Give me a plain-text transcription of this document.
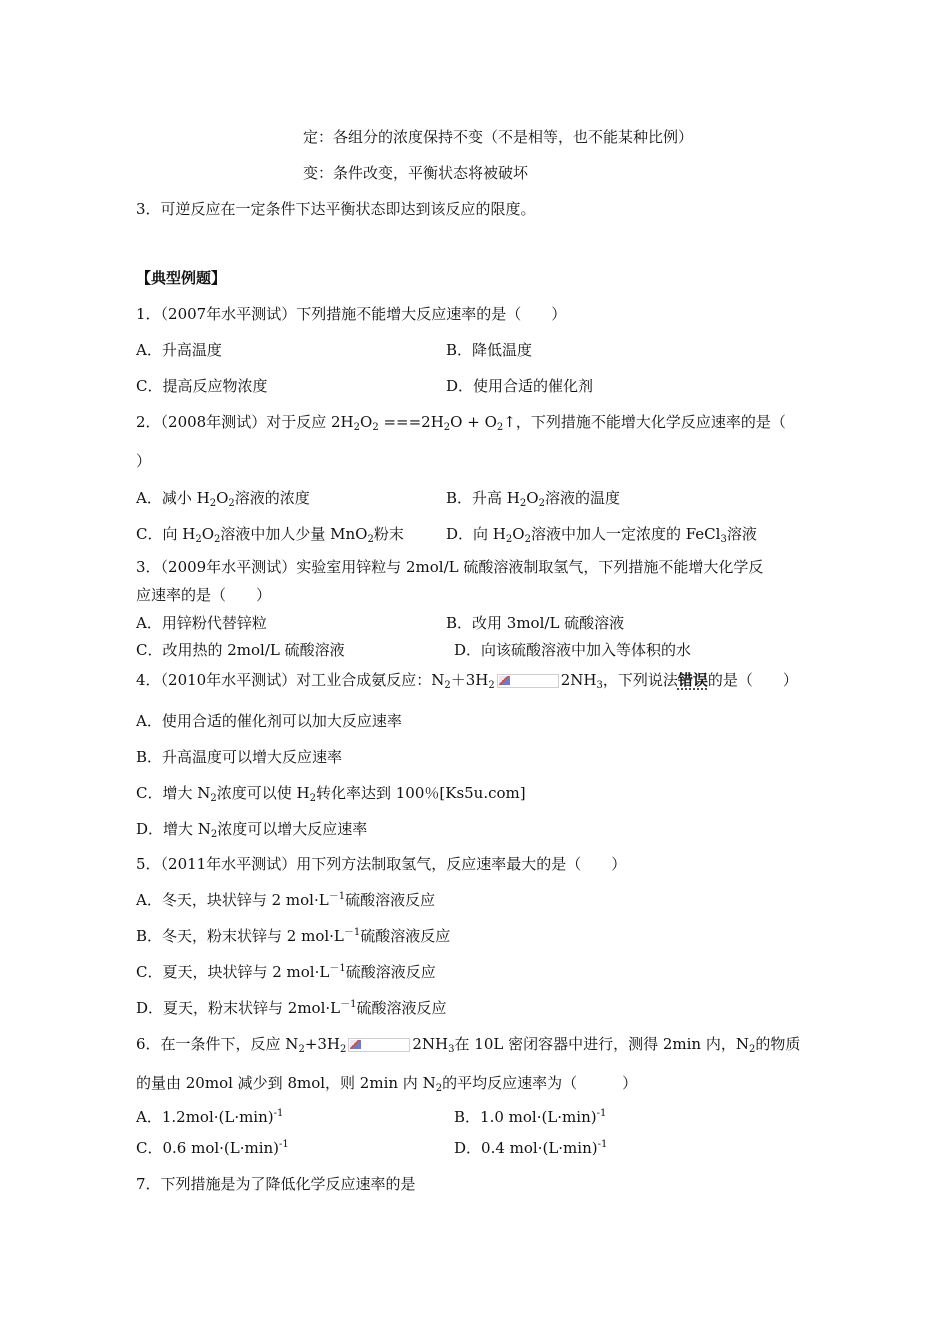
定：各组分的浓度保持不变（不是相等，也不能某种比例）
变：条件改变，平衡状态将被破坏
3．可逆反应在一定条件下达平衡状态即达到该反应的限度。
【典型例题】
1．（2007年水平测试）下列措施不能增大反应速率的是（　　）
A．升高温度	B．降低温度
C．提高反应物浓度	D．使用合适的催化剂
2．（2008年测试）对于反应 $2H_2O_2 ===2H_2O$ + $O_2↑$，下列措施不能增大化学反应速率的是（
）
A．减小 $H_2O_2$溶液的浓度	B．升高 $H_2O_2$溶液的温度
C．向 $H_2O_2$溶液中加人少量 MnO$_2$粉末	D．向 $H_2O_2$溶液中加人一定浓度的 FeCl$_3$溶液
3．（2009年水平测试）实验室用锌粒与 2mol/L 硫酸溶液制取氢气，下列措施不能增大化学反
应速率的是（　　）
A．用锌粉代替锌粒	B．改用 3mol/L 硫酸溶液
C．改用热的 2mol/L 硫酸溶液	D．向该硫酸溶液中加入等体积的水
4．（2010年水平测试）对工业合成氨反应：$N_2+3H_2$	$2NH_3$，下列说法错误的是（　　）
A．使用合适的催化剂可以加大反应速率
B．升高温度可以增大反应速率
C．增大 $N_2$浓度可以使 $H_2$转化率达到 100％[Ks5u.com]
D．增大 $N_2$浓度可以增大反应速率
5．（2011年水平测试）用下列方法制取氢气，反应速率最大的是（　　）
A．冬天，块状锌与 2 $mol\cdot L^{-1}$硫酸溶液反应
B．冬天，粉末状锌与 2 $mol\cdot L^{-1}$硫酸溶液反应
C．夏天，块状锌与 2 $mol\cdot L^{-1}$硫酸溶液反应
D．夏天，粉末状锌与 $2mol\cdot L^{-1}$硫酸溶液反应
6．在一条件下，反应 $N_2+3H_2$	$2NH_3$在 10L 密闭容器中进行，测得 2min 内，$N_2$的物质
的量由 20mol 减少到 8mol，则 2min 内 $N_2$的平均反应速率为（　　　）
A．$1.2mol\cdot(L\cdot\min)^{-1}$	B．1.0 $mol\cdot(L\cdot\min)^{-1}$
C．0.6 $mol\cdot(L\cdot\min)^{-1}$	D．0.4 $mol\cdot(L\cdot\min)^{-1}$
7．下列措施是为了降低化学反应速率的是
